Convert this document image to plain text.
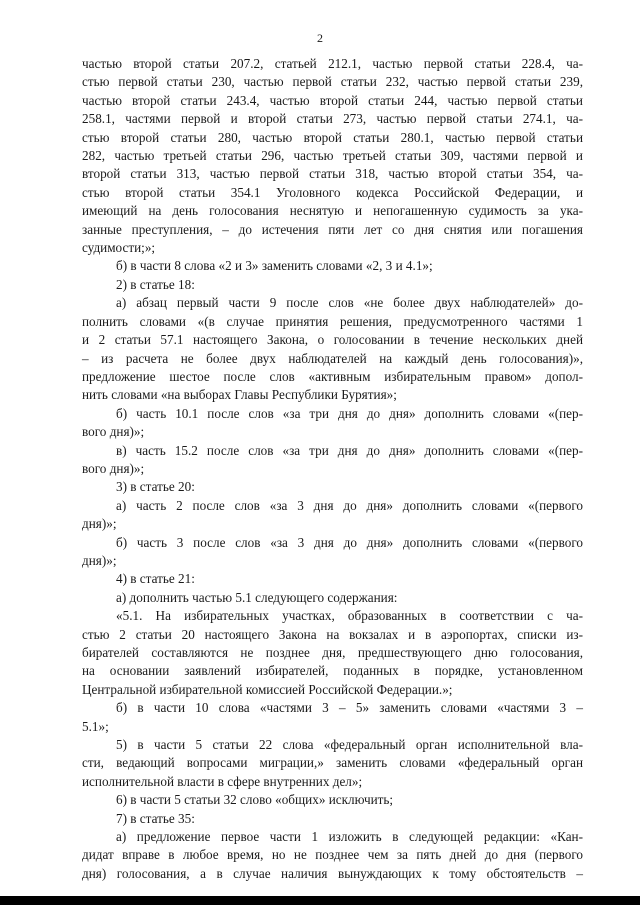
2
частью второй статьи 207.2, статьей 212.1, частью первой статьи 228.4, ча-
стью первой статьи 230, частью первой статьи 232, частью первой статьи 239,
частью второй статьи 243.4, частью второй статьи 244, частью первой статьи
258.1, частями первой и второй статьи 273, частью первой статьи 274.1, ча-
стью второй статьи 280, частью второй статьи 280.1, частью первой статьи
282, частью третьей статьи 296, частью третьей статьи 309, частями первой и
второй статьи 313, частью первой статьи 318, частью второй статьи 354, ча-
стью второй статьи 354.1 Уголовного кодекса Российской Федерации, и
имеющий на день голосования неснятую и непогашенную судимость за ука-
занные преступления, – до истечения пяти лет со дня снятия или погашения
судимости;»;
б) в части 8 слова «2 и 3» заменить словами «2, 3 и 4.1»;
2) в статье 18:
а) абзац первый части 9 после слов «не более двух наблюдателей» до-
полнить словами «(в случае принятия решения, предусмотренного частями 1
и 2 статьи 57.1 настоящего Закона, о голосовании в течение нескольких дней
– из расчета не более двух наблюдателей на каждый день голосования)»,
предложение шестое после слов «активным избирательным правом» допол-
нить словами «на выборах Главы Республики Бурятия»;
б) часть 10.1 после слов «за три дня до дня» дополнить словами «(пер-
вого дня)»;
в) часть 15.2 после слов «за три дня до дня» дополнить словами «(пер-
вого дня)»;
3) в статье 20:
а) часть 2 после слов «за 3 дня до дня» дополнить словами «(первого
дня)»;
б) часть 3 после слов «за 3 дня до дня» дополнить словами «(первого
дня)»;
4) в статье 21:
а) дополнить частью 5.1 следующего содержания:
«5.1. На избирательных участках, образованных в соответствии с ча-
стью 2 статьи 20 настоящего Закона на вокзалах и в аэропортах, списки из-
бирателей составляются не позднее дня, предшествующего дню голосования,
на основании заявлений избирателей, поданных в порядке, установленном
Центральной избирательной комиссией Российской Федерации.»;
б) в части 10 слова «частями 3 – 5» заменить словами «частями 3 –
5.1»;
5) в части 5 статьи 22 слова «федеральный орган исполнительной вла-
сти, ведающий вопросами миграции,» заменить словами «федеральный орган
исполнительной власти в сфере внутренних дел»;
6) в части 5 статьи 32 слово «общих» исключить;
7) в статье 35:
а) предложение первое части 1 изложить в следующей редакции: «Кан-
дидат вправе в любое время, но не позднее чем за пять дней до дня (первого
дня) голосования, а в случае наличия вынуждающих к тому обстоятельств –
